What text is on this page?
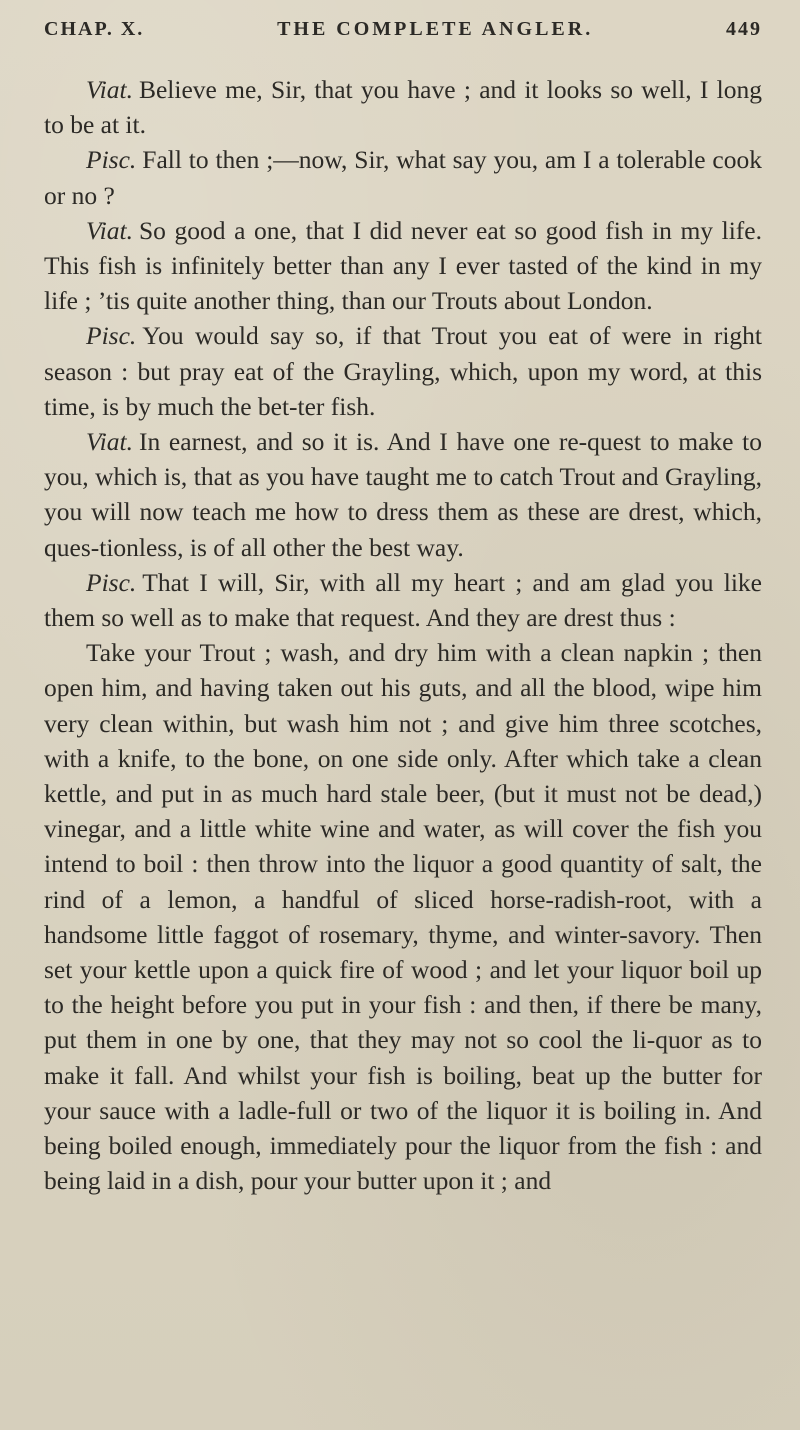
CHAP. X.	THE COMPLETE ANGLER.	449

Viat. Believe me, Sir, that you have ; and it looks so well, I long to be at it.

Pisc. Fall to then ;—now, Sir, what say you, am I a tolerable cook or no ?

Viat. So good a one, that I did never eat so good fish in my life. This fish is infinitely better than any I ever tasted of the kind in my life ; ’tis quite another thing, than our Trouts about London.

Pisc. You would say so, if that Trout you eat of were in right season : but pray eat of the Grayling, which, upon my word, at this time, is by much the bet-ter fish.

Viat. In earnest, and so it is. And I have one re-quest to make to you, which is, that as you have taught me to catch Trout and Grayling, you will now teach me how to dress them as these are drest, which, ques-tionless, is of all other the best way.

Pisc. That I will, Sir, with all my heart ; and am glad you like them so well as to make that request. And they are drest thus :

Take your Trout ; wash, and dry him with a clean napkin ; then open him, and having taken out his guts, and all the blood, wipe him very clean within, but wash him not ; and give him three scotches, with a knife, to the bone, on one side only. After which take a clean kettle, and put in as much hard stale beer, (but it must not be dead,) vinegar, and a little white wine and water, as will cover the fish you intend to boil : then throw into the liquor a good quantity of salt, the rind of a lemon, a handful of sliced horse-radish-root, with a handsome little faggot of rosemary, thyme, and winter-savory. Then set your kettle upon a quick fire of wood ; and let your liquor boil up to the height before you put in your fish : and then, if there be many, put them in one by one, that they may not so cool the li-quor as to make it fall. And whilst your fish is boiling, beat up the butter for your sauce with a ladle-full or two of the liquor it is boiling in. And being boiled enough, immediately pour the liquor from the fish : and being laid in a dish, pour your butter upon it ; and
